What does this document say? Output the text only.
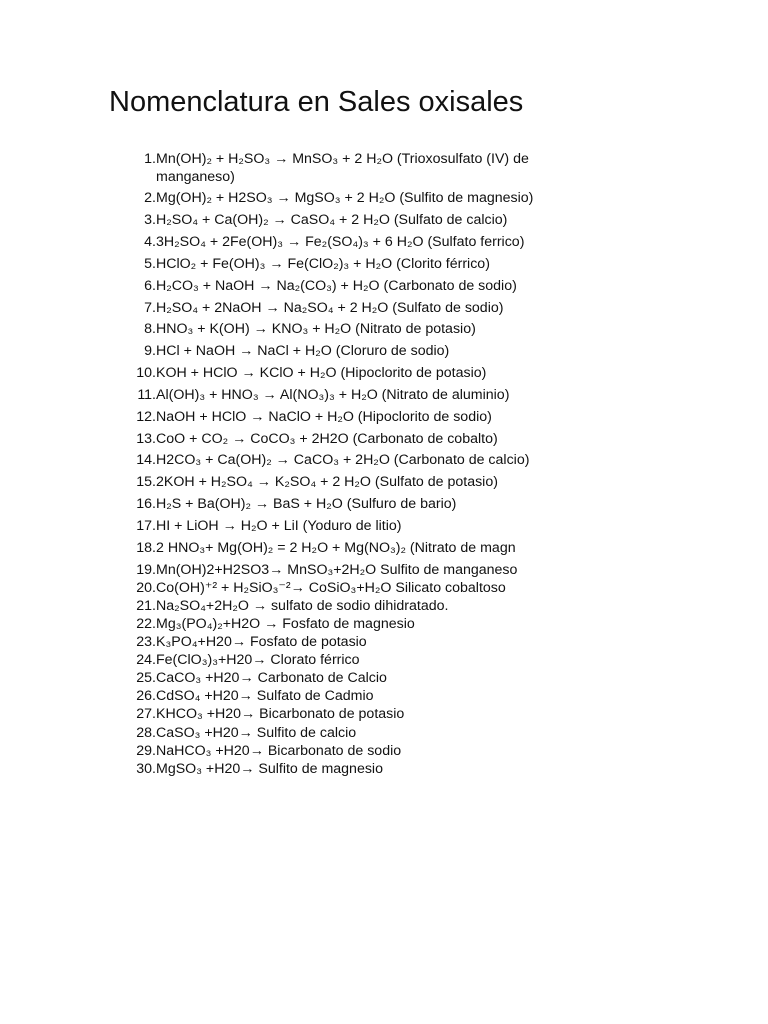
Nomenclatura en Sales oxisales
1. Mn(OH)₂ + H₂SO₃ → MnSO₃ + 2 H₂O (Trioxosulfato (IV) de manganeso)
2. Mg(OH)₂ + H2SO₃ → MgSO₃ + 2 H₂O (Sulfito de magnesio)
3. H₂SO₄ + Ca(OH)₂ → CaSO₄ + 2 H₂O (Sulfato de calcio)
4. 3H₂SO₄ + 2Fe(OH)₃ → Fe₂(SO₄)₃ + 6 H₂O (Sulfato ferrico)
5. HClO₂ + Fe(OH)₃ → Fe(ClO₂)₃ + H₂O (Clorito férrico)
6. H₂CO₃ + NaOH → Na₂(CO₃) + H₂O (Carbonato de sodio)
7. H₂SO₄ + 2NaOH → Na₂SO₄ + 2 H₂O (Sulfato de sodio)
8. HNO₃ + K(OH) → KNO₃ + H₂O (Nitrato de potasio)
9. HCl + NaOH → NaCl + H₂O (Cloruro de sodio)
10. KOH + HClO → KClO + H₂O (Hipoclorito de potasio)
11. Al(OH)₃ + HNO₃ → Al(NO₃)₃ + H₂O (Nitrato de aluminio)
12. NaOH + HClO → NaClO + H₂O (Hipoclorito de sodio)
13. CoO + CO₂ → CoCO₃ + 2H2O (Carbonato de cobalto)
14. H2CO₃ + Ca(OH)₂ → CaCO₃ + 2H₂O (Carbonato de calcio)
15. 2KOH + H₂SO₄ → K₂SO₄ + 2 H₂O (Sulfato de potasio)
16. H₂S + Ba(OH)₂ → BaS + H₂O (Sulfuro de bario)
17. HI + LiOH → H₂O + LiI (Yoduro de litio)
18. 2 HNO₃+ Mg(OH)₂ = 2 H₂O + Mg(NO₃)₂ (Nitrato de magn
19. Mn(OH)2+H2SO3→ MnSO₃+2H₂O Sulfito de manganeso
20. Co(OH)⁺² + H₂SiO₃⁻²→ CoSiO₃+H₂O Silicato cobaltoso
21. Na₂SO₄+2H₂O → sulfato de sodio dihidratado.
22. Mg₃(PO₄)₂+H2O → Fosfato de magnesio
23. K₃PO₄+H20→ Fosfato de potasio
24. Fe(ClO₃)₃+H20→ Clorato férrico
25. CaCO₃ +H20→ Carbonato de Calcio
26. CdSO₄ +H20→ Sulfato de Cadmio
27. KHCO₃ +H20→ Bicarbonato de potasio
28. CaSO₃ +H20→ Sulfito de calcio
29. NaHCO₃ +H20→ Bicarbonato de sodio
30. MgSO₃ +H20→ Sulfito de magnesio
